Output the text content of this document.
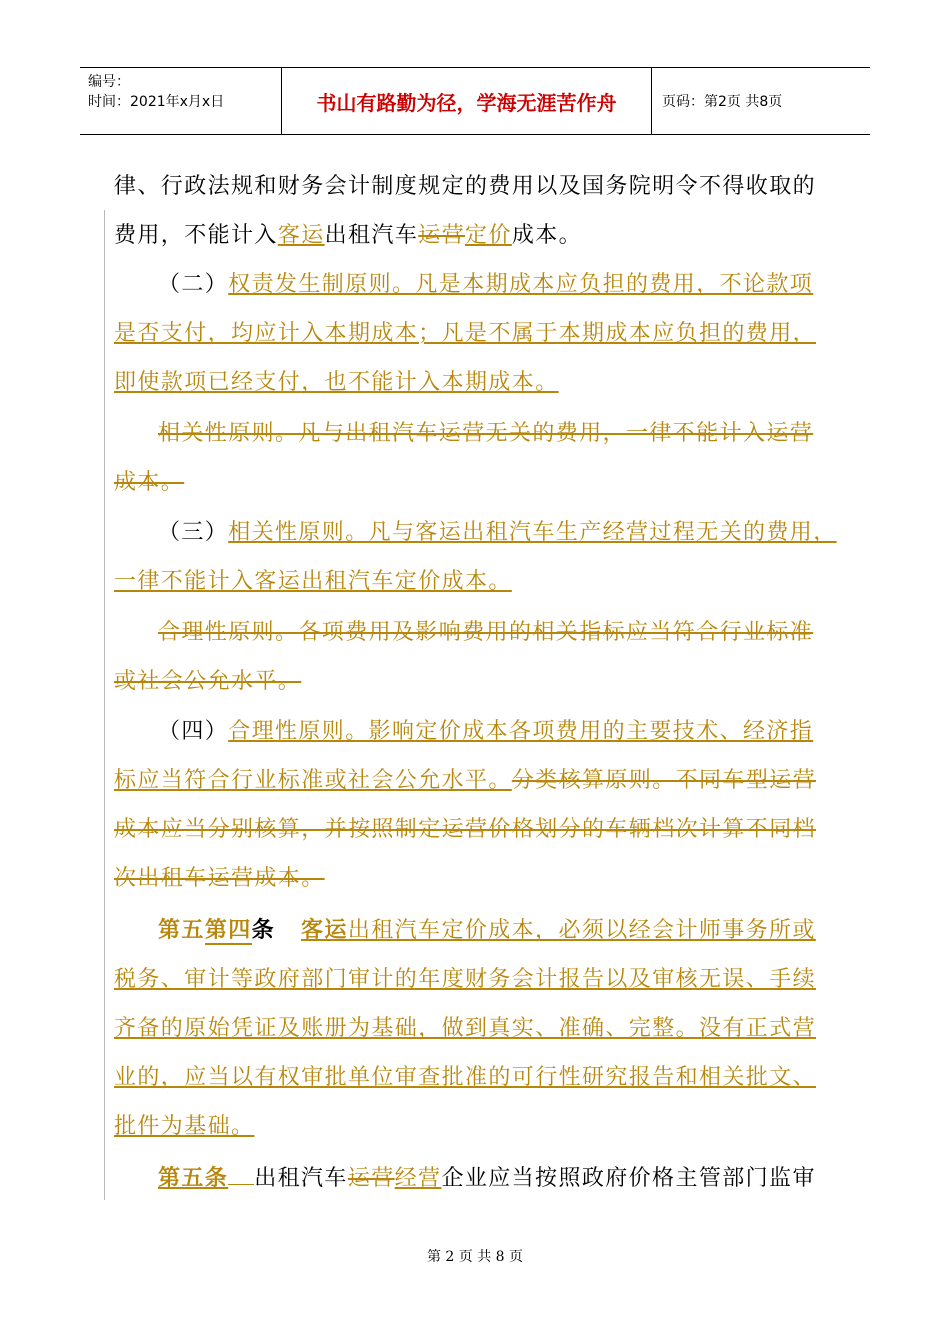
编号：
时间：2021年x月x日	书山有路勤为径，学海无涯苦作舟	页码：第2页 共8页
律、行政法规和财务会计制度规定的费用以及国务院明令不得收取的
费用，不能计入客运出租汽车运营定价成本。
（二）权责发生制原则。凡是本期成本应负担的费用，不论款项
是否支付，均应计入本期成本；凡是不属于本期成本应负担的费用，
即使款项已经支付，也不能计入本期成本。
相关性原则。凡与出租汽车运营无关的费用，一律不能计入运营
成本。
（三）相关性原则。凡与客运出租汽车生产经营过程无关的费用，
一律不能计入客运出租汽车定价成本。
合理性原则。各项费用及影响费用的相关指标应当符合行业标准
或社会公允水平。
（四）合理性原则。影响定价成本各项费用的主要技术、经济指
标应当符合行业标准或社会公允水平。分类核算原则。不同车型运营
成本应当分别核算，并按照制定运营价格划分的车辆档次计算不同档
次出租车运营成本。
第五第四条 客运出租汽车定价成本，必须以经会计师事务所或
税务、审计等政府部门审计的年度财务会计报告以及审核无误、手续
齐备的原始凭证及账册为基础，做到真实、准确、完整。没有正式营
业的，应当以有权审批单位审查批准的可行性研究报告和相关批文、
批件为基础。
第五条 出租汽车运营经营企业应当按照政府价格主管部门监审
第 2 页 共 8 页
